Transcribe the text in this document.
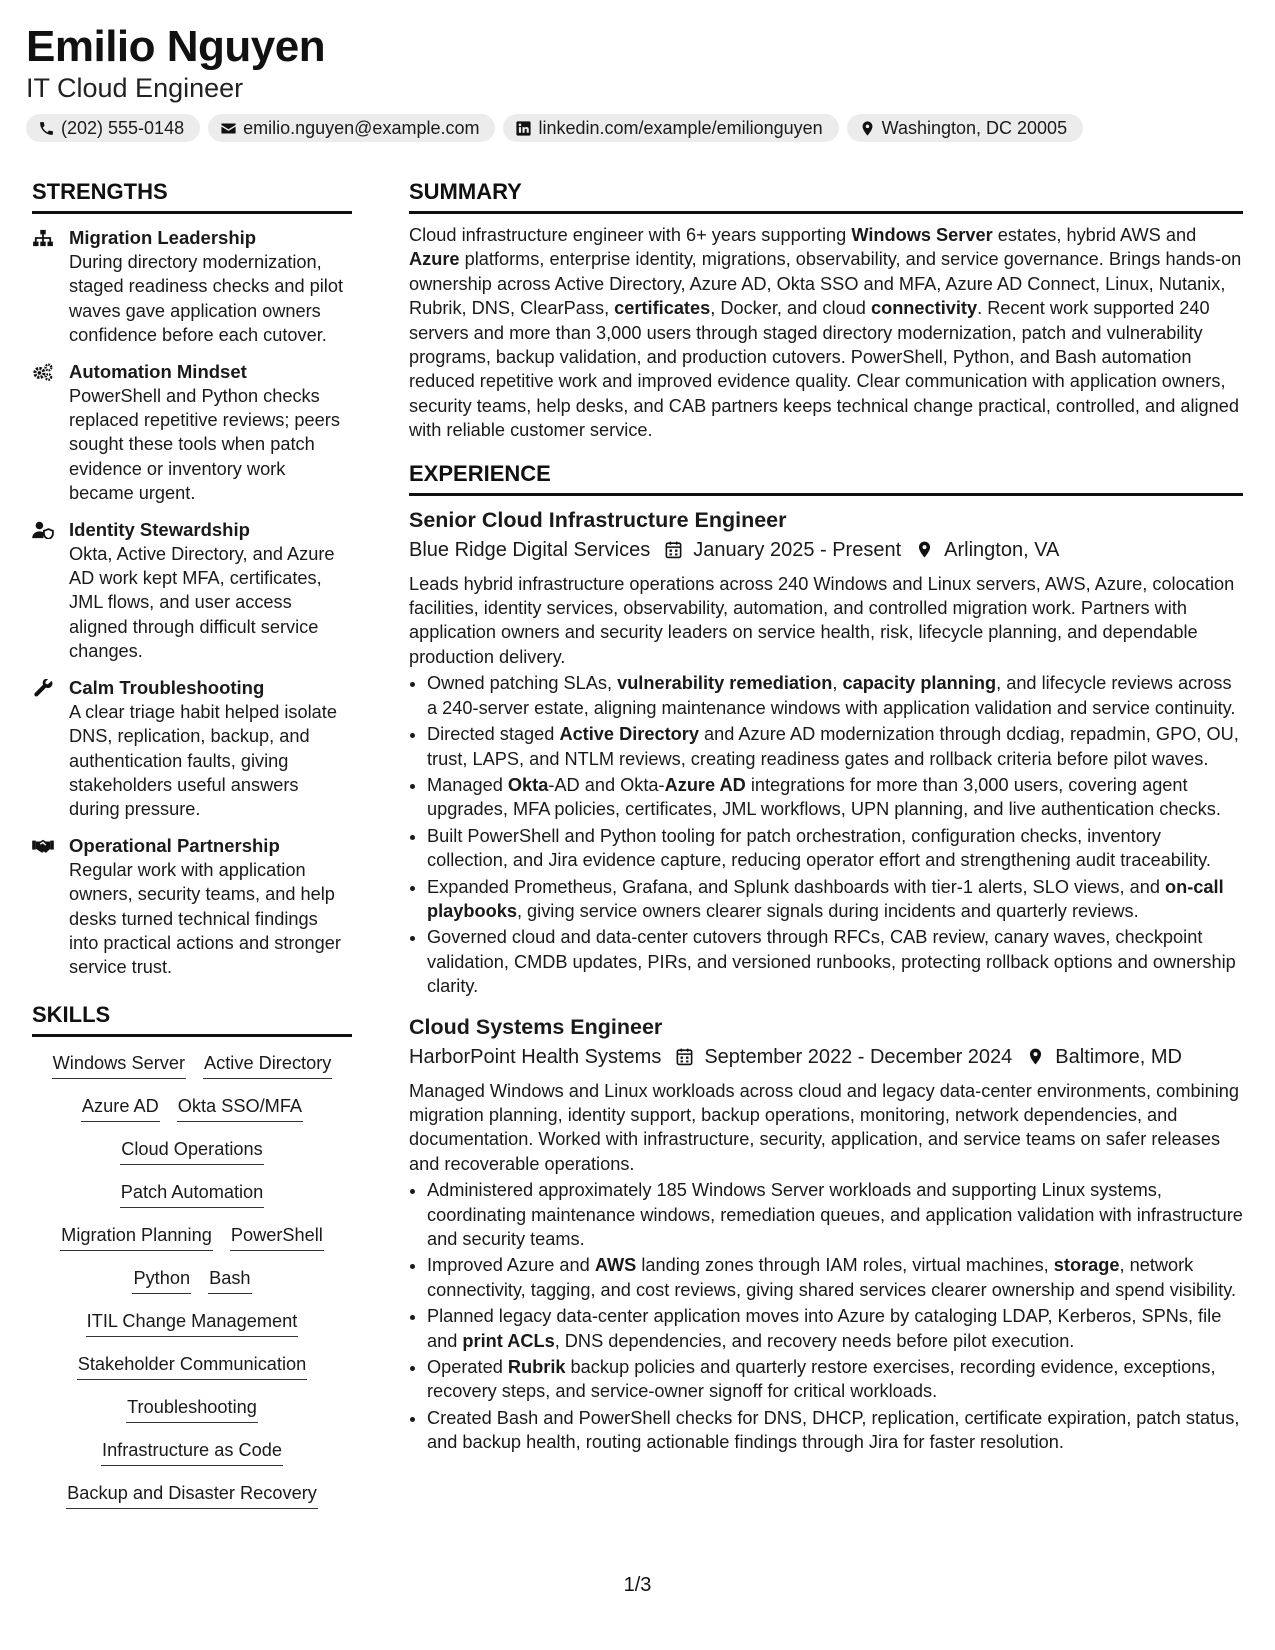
Emilio Nguyen
IT Cloud Engineer
(202) 555-0148	emilio.nguyen@example.com	linkedin.com/example/emilionguyen	Washington, DC 20005
STRENGTHS
Migration Leadership
During directory modernization, staged readiness checks and pilot waves gave application owners confidence before each cutover.
Automation Mindset
PowerShell and Python checks replaced repetitive reviews; peers sought these tools when patch evidence or inventory work became urgent.
Identity Stewardship
Okta, Active Directory, and Azure AD work kept MFA, certificates, JML flows, and user access aligned through difficult service changes.
Calm Troubleshooting
A clear triage habit helped isolate DNS, replication, backup, and authentication faults, giving stakeholders useful answers during pressure.
Operational Partnership
Regular work with application owners, security teams, and help desks turned technical findings into practical actions and stronger service trust.
SKILLS
Windows Server Active Directory
Azure AD Okta SSO/MFA
Cloud Operations
Patch Automation
Migration Planning PowerShell
Python Bash
ITIL Change Management
Stakeholder Communication
Troubleshooting
Infrastructure as Code
Backup and Disaster Recovery
SUMMARY

Cloud infrastructure engineer with 6+ years supporting Windows Server estates, hybrid AWS and Azure platforms, enterprise identity, migrations, observability, and service governance. Brings hands-on ownership across Active Directory, Azure AD, Okta SSO and MFA, Azure AD Connect, Linux, Nutanix, Rubrik, DNS, ClearPass, certificates, Docker, and cloud connectivity. Recent work supported 240 servers and more than 3,000 users through staged directory modernization, patch and vulnerability programs, backup validation, and production cutovers. PowerShell, Python, and Bash automation reduced repetitive work and improved evidence quality. Clear communication with application owners, security teams, help desks, and CAB partners keeps technical change practical, controlled, and aligned with reliable customer service.

EXPERIENCE
Senior Cloud Infrastructure Engineer
Blue Ridge Digital Services January 2025 - Present Arlington, VA

Leads hybrid infrastructure operations across 240 Windows and Linux servers, AWS, Azure, colocation facilities, identity services, observability, automation, and controlled migration work. Partners with application owners and security leaders on service health, risk, lifecycle planning, and dependable production delivery.

• Owned patching SLAs, vulnerability remediation, capacity planning, and lifecycle reviews across a 240-server estate, aligning maintenance windows with application validation and service continuity.
• Directed staged Active Directory and Azure AD modernization through dcdiag, repadmin, GPO, OU, trust, LAPS, and NTLM reviews, creating readiness gates and rollback criteria before pilot waves.
• Managed Okta-AD and Okta-Azure AD integrations for more than 3,000 users, covering agent upgrades, MFA policies, certificates, JML workflows, UPN planning, and live authentication checks.
• Built PowerShell and Python tooling for patch orchestration, configuration checks, inventory collection, and Jira evidence capture, reducing operator effort and strengthening audit traceability.
• Expanded Prometheus, Grafana, and Splunk dashboards with tier-1 alerts, SLO views, and on-call playbooks, giving service owners clearer signals during incidents and quarterly reviews.
• Governed cloud and data-center cutovers through RFCs, CAB review, canary waves, checkpoint validation, CMDB updates, PIRs, and versioned runbooks, protecting rollback options and ownership clarity.
Cloud Systems Engineer
HarborPoint Health Systems September 2022 - December 2024 Baltimore, MD

Managed Windows and Linux workloads across cloud and legacy data-center environments, combining migration planning, identity support, backup operations, monitoring, network dependencies, and documentation. Worked with infrastructure, security, application, and service teams on safer releases and recoverable operations.

• Administered approximately 185 Windows Server workloads and supporting Linux systems, coordinating maintenance windows, remediation queues, and application validation with infrastructure and security teams.
• Improved Azure and AWS landing zones through IAM roles, virtual machines, storage, network connectivity, tagging, and cost reviews, giving shared services clearer ownership and spend visibility.
• Planned legacy data-center application moves into Azure by cataloging LDAP, Kerberos, SPNs, file and print ACLs, DNS dependencies, and recovery needs before pilot execution.
• Operated Rubrik backup policies and quarterly restore exercises, recording evidence, exceptions, recovery steps, and service-owner signoff for critical workloads.
• Created Bash and PowerShell checks for DNS, DHCP, replication, certificate expiration, patch status, and backup health, routing actionable findings through Jira for faster resolution.
1/3
